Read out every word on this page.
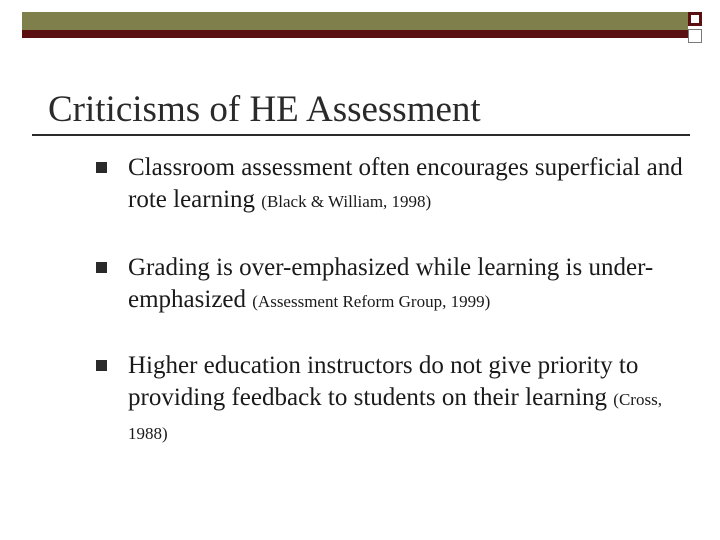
Criticisms of HE Assessment
Classroom assessment often encourages superficial and rote learning (Black & William, 1998)
Grading is over-emphasized while learning is under-emphasized (Assessment Reform Group, 1999)
Higher education instructors do not give priority to providing feedback to students on their learning (Cross, 1988)
